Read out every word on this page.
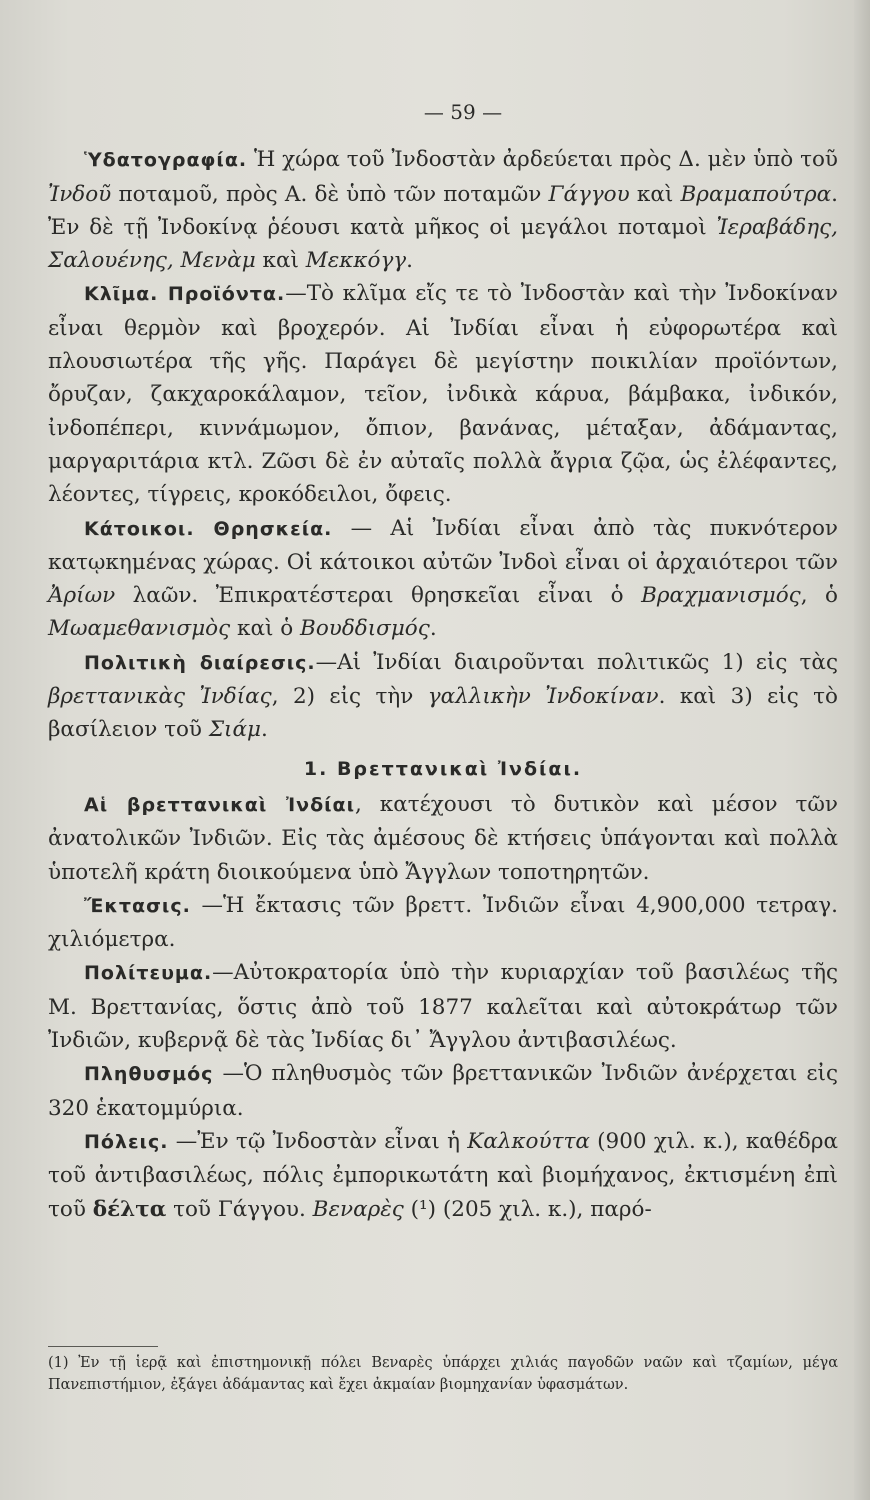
— 59 —

Ὑδατογραφία. Ἡ χώρα τοῦ Ἰνδοστὰν ἀρδεύεται πρὸς Δ. μὲν ὑπὸ τοῦ Ἰνδοῦ ποταμοῦ, πρὸς Α. δὲ ὑπὸ τῶν ποταμῶν Γάγγου καὶ Βραμαπούτρα. Ἐν δὲ τῇ Ἰνδοκίνᾳ ῥέουσι κατὰ μῆκος οἱ μεγάλοι ποταμοὶ Ἰεραβάδης, Σαλουένης, Μενὰμ καὶ Μεκκόγγ.

Κλῖμα. Προϊόντα.—Τὸ κλῖμα εἴς τε τὸ Ἰνδοστὰν καὶ τὴν Ἰνδοκίναν εἶναι θερμὸν καὶ βροχερόν. Αἱ Ἰνδίαι εἶναι ἡ εὐφορωτέρα καὶ πλουσιωτέρα τῆς γῆς. Παράγει δὲ μεγίστην ποικιλίαν προϊόντων, ὄρυζαν, ζακχαροκάλαμον, τεῖον, ἰνδικὰ κάρυα, βάμβακα, ἰνδικόν, ἰνδοπέπερι, κιννάμωμον, ὄπιον, βανάνας, μέταξαν, ἀδάμαντας, μαργαριτάρια κτλ. Ζῶσι δὲ ἐν αὐταῖς πολλὰ ἄγρια ζῷα, ὡς ἐλέφαντες, λέοντες, τίγρεις, κροκόδειλοι, ὄφεις.

Κάτοικοι. Θρησκεία. — Αἱ Ἰνδίαι εἶναι ἀπὸ τὰς πυκνότερον κατῳκημένας χώρας. Οἱ κάτοικοι αὐτῶν Ἰνδοὶ εἶναι οἱ ἀρχαιότεροι τῶν Ἀρίων λαῶν. Ἐπικρατέστεραι θρησκεῖαι εἶναι ὁ Βραχμανισμός, ὁ Μωαμεθανισμὸς καὶ ὁ Βουδδισμός.

Πολιτικὴ διαίρεσις.—Αἱ Ἰνδίαι διαιροῦνται πολιτικῶς 1) εἰς τὰς βρεττανικὰς Ἰνδίας, 2) εἰς τὴν γαλλικὴν Ἰνδοκίναν. καὶ 3) εἰς τὸ βασίλειον τοῦ Σιάμ.

1. Βρεττανικαὶ Ἰνδίαι.

Αἱ βρεττανικαὶ Ἰνδίαι, κατέχουσι τὸ δυτικὸν καὶ μέσον τῶν ἀνατολικῶν Ἰνδιῶν. Εἰς τὰς ἀμέσους δὲ κτήσεις ὑπάγονται καὶ πολλὰ ὑποτελῆ κράτη διοικούμενα ὑπὸ Ἄγγλων τοποτηρητῶν.

Ἔκτασις. —Ἡ ἔκτασις τῶν βρεττ. Ἰνδιῶν εἶναι 4,900,000 τετραγ. χιλιόμετρα.

Πολίτευμα.—Αὐτοκρατορία ὑπὸ τὴν κυριαρχίαν τοῦ βασιλέως τῆς Μ. Βρεττανίας, ὅστις ἀπὸ τοῦ 1877 καλεῖται καὶ αὐτοκράτωρ τῶν Ἰνδιῶν, κυβερνᾷ δὲ τὰς Ἰνδίας δι᾽ Ἄγγλου ἀντιβασιλέως.

Πληθυσμός —Ὁ πληθυσμὸς τῶν βρεττανικῶν Ἰνδιῶν ἀνέρχεται εἰς 320 ἑκατομμύρια.

Πόλεις. —Ἐν τῷ Ἰνδοστὰν εἶναι ἡ Καλκούττα (900 χιλ. κ.), καθέδρα τοῦ ἀντιβασιλέως, πόλις ἐμπορικωτάτη καὶ βιομήχανος, ἐκτισμένη ἐπὶ τοῦ δέλτα τοῦ Γάγγου. Βεναρὲς (¹) (205 χιλ. κ.), παρό-

(1) Ἐν τῇ ἱερᾷ καὶ ἐπιστημονικῇ πόλει Βεναρὲς ὑπάρχει χιλιάς παγοδῶν ναῶν καὶ τζαμίων, μέγα Πανεπιστήμιον, ἐξάγει ἀδάμαντας καὶ ἔχει ἀκμαίαν βιομηχανίαν ὑφασμάτων.
